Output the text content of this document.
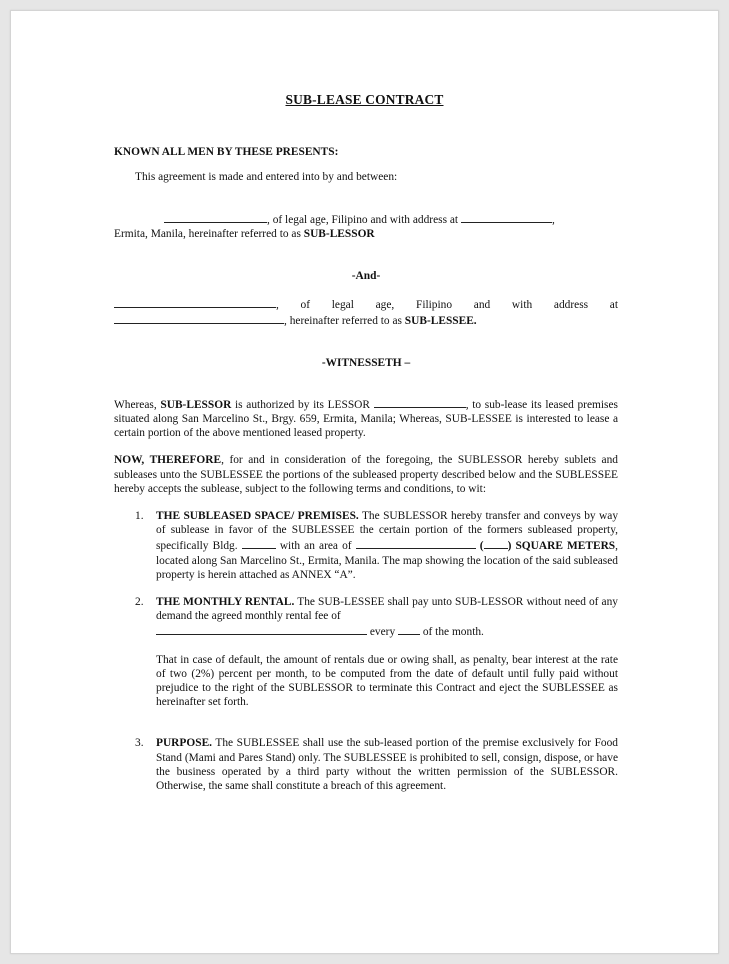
SUB-LEASE CONTRACT

KNOWN ALL MEN BY THESE PRESENTS:

This agreement is made and entered into by and between:

, of legal age, Filipino and with address at	,

Ermita, Manila, hereinafter referred to as SUB-LESSOR

-And-

, of legal age, Filipino and with address at

, hereinafter referred to as SUB-LESSEE.

-WITNESSETH –

Whereas, SUB-LESSOR is authorized by its LESSOR	, to sub-lease its leased premises situated along San Marcelino St., Brgy. 659, Ermita, Manila; Whereas, SUB-LESSEE is interested to lease a certain portion of the above mentioned leased property.

NOW, THEREFORE, for and in consideration of the foregoing, the SUBLESSOR hereby sublets and subleases unto the SUBLESSEE the portions of the subleased property described below and the SUBLESSEE hereby accepts the sublease, subject to the following terms and conditions, to wit:

1. THE SUBLEASED SPACE/ PREMISES. The SUBLESSOR hereby transfer and conveys by way of sublease in favor of the SUBLESSEE the certain portion of the formers subleased property, specifically Bldg.	with an area of	( ) SQUARE METERS, located along San Marcelino St., Ermita, Manila. The map showing the location of the said subleased property is herein attached as ANNEX “A”.

2. THE MONTHLY RENTAL. The SUB-LESSEE shall pay unto SUB-LESSOR without need of any demand the agreed monthly rental fee of

every  of the month.

That in case of default, the amount of rentals due or owing shall, as penalty, bear interest at the rate of two (2%) percent per month, to be computed from the date of default until fully paid without prejudice to the right of the SUBLESSOR to terminate this Contract and eject the SUBLESSEE as hereinafter set forth.

3. PURPOSE. The SUBLESSEE shall use the sub-leased portion of the premise exclusively for Food Stand (Mami and Pares Stand) only. The SUBLESSEE is prohibited to sell, consign, dispose, or have the business operated by a third party without the written permission of the SUBLESSOR. Otherwise, the same shall constitute a breach of this agreement.
